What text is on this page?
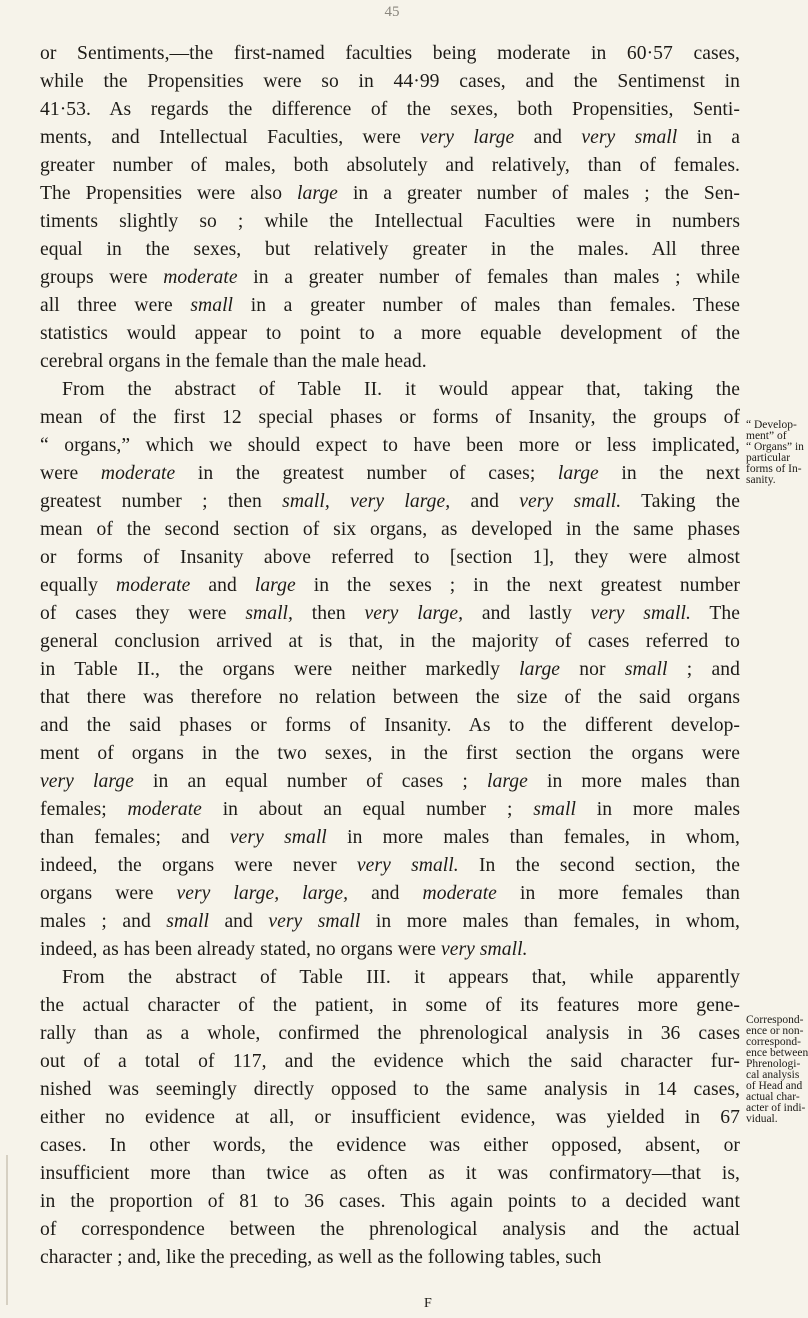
45
or Sentiments,—the first-named faculties being moderate in 60·57 cases,
while the Propensities were so in 44·99 cases, and the Sentimenst in
41·53. As regards the difference of the sexes, both Propensities, Senti-
ments, and Intellectual Faculties, were very large and very small in a
greater number of males, both absolutely and relatively, than of females.
The Propensities were also large in a greater number of males ; the Sen-
timents slightly so ; while the Intellectual Faculties were in numbers
equal in the sexes, but relatively greater in the males. All three
groups were moderate in a greater number of females than males ; while
all three were small in a greater number of males than females. These
statistics would appear to point to a more equable development of the
cerebral organs in the female than the male head.
From the abstract of Table II. it would appear that, taking the
mean of the first 12 special phases or forms of Insanity, the groups of
“ organs,” which we should expect to have been more or less implicated,
were moderate in the greatest number of cases; large in the next
greatest number ; then small, very large, and very small. Taking the
mean of the second section of six organs, as developed in the same phases
or forms of Insanity above referred to [section 1], they were almost
equally moderate and large in the sexes ; in the next greatest number
of cases they were small, then very large, and lastly very small. The
general conclusion arrived at is that, in the majority of cases referred to
in Table II., the organs were neither markedly large nor small ; and
that there was therefore no relation between the size of the said organs
and the said phases or forms of Insanity. As to the different develop-
ment of organs in the two sexes, in the first section the organs were
very large in an equal number of cases ; large in more males than
females; moderate in about an equal number ; small in more males
than females; and very small in more males than females, in whom,
indeed, the organs were never very small. In the second section, the
organs were very large, large, and moderate in more females than
males ; and small and very small in more males than females, in whom,
indeed, as has been already stated, no organs were very small.
From the abstract of Table III. it appears that, while apparently
the actual character of the patient, in some of its features more gene-
rally than as a whole, confirmed the phrenological analysis in 36 cases
out of a total of 117, and the evidence which the said character fur-
nished was seemingly directly opposed to the same analysis in 14 cases,
either no evidence at all, or insufficient evidence, was yielded in 67
cases. In other words, the evidence was either opposed, absent, or
insufficient more than twice as often as it was confirmatory—that is,
in the proportion of 81 to 36 cases. This again points to a decided want
of correspondence between the phrenological analysis and the actual
character ; and, like the preceding, as well as the following tables, such
“ Develop-
ment” of
“ Organs” in
particular
forms of In-
sanity.
Correspond-
ence or non-
correspond-
ence between
Phrenologi-
cal analysis
of Head and
actual char-
acter of indi-
vidual.
F
